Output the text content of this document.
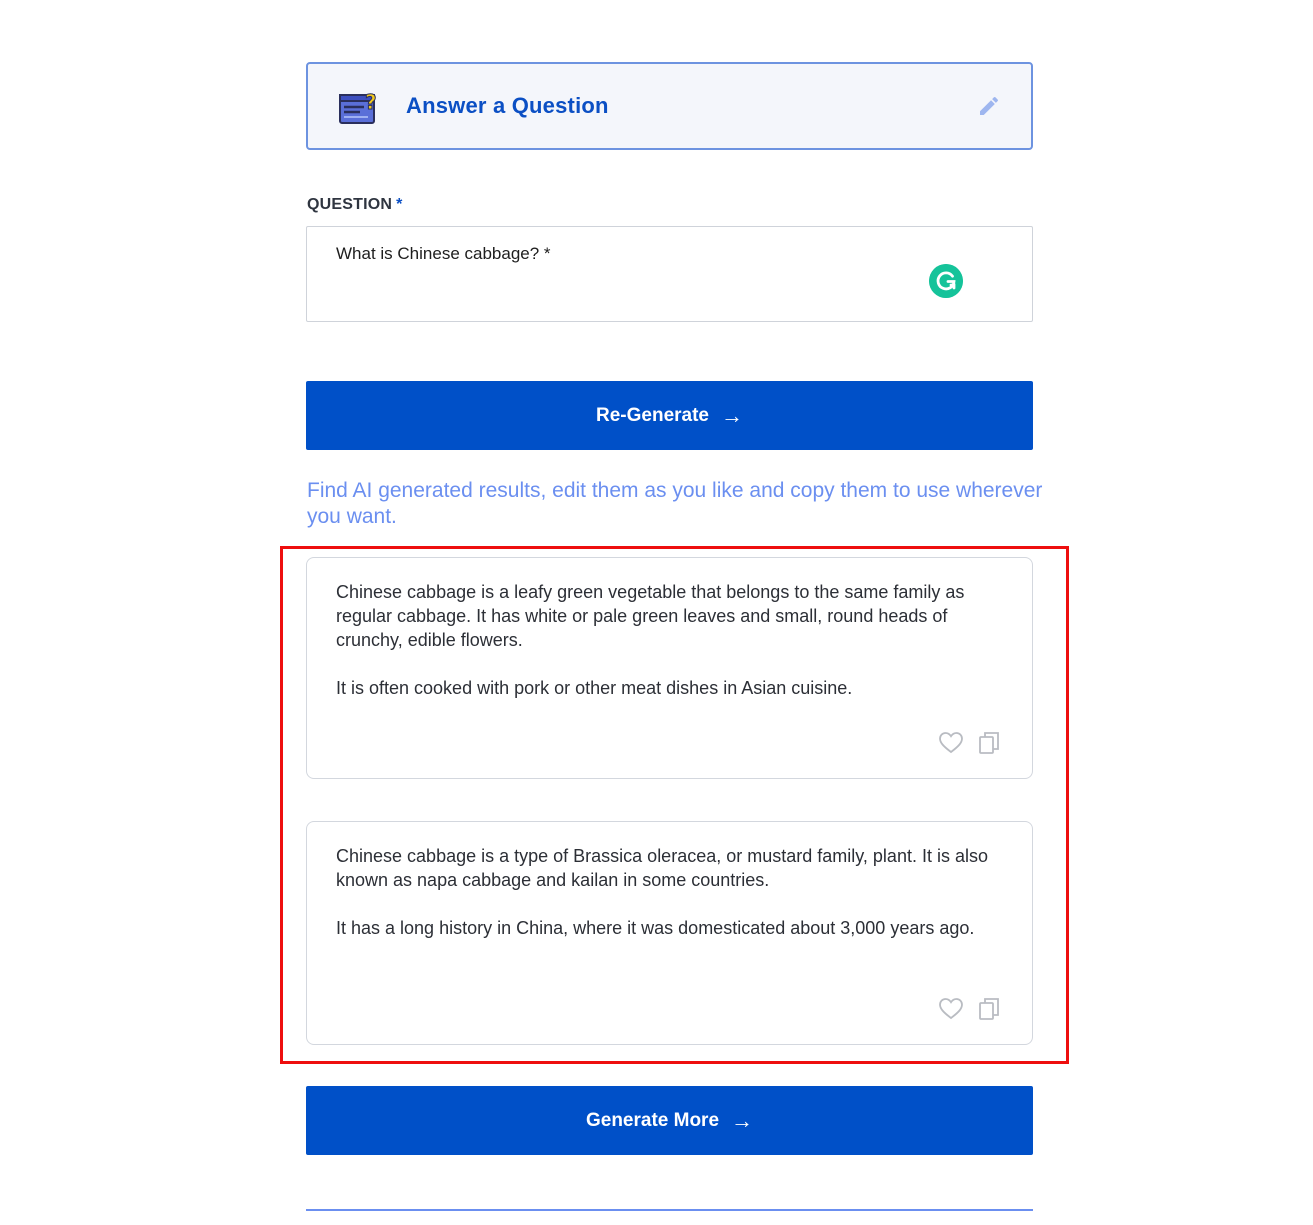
? Answer a Question
QUESTION *
What is Chinese cabbage? *
Re-Generate →
Find AI generated results, edit them as you like and copy them to use wherever you want.

Chinese cabbage is a leafy green vegetable that belongs to the same family as regular cabbage. It has white or pale green leaves and small, round heads of crunchy, edible flowers.

It is often cooked with pork or other meat dishes in Asian cuisine.

Chinese cabbage is a type of Brassica oleracea, or mustard family, plant. It is also known as napa cabbage and kailan in some countries.

It has a long history in China, where it was domesticated about 3,000 years ago.

Generate More →
